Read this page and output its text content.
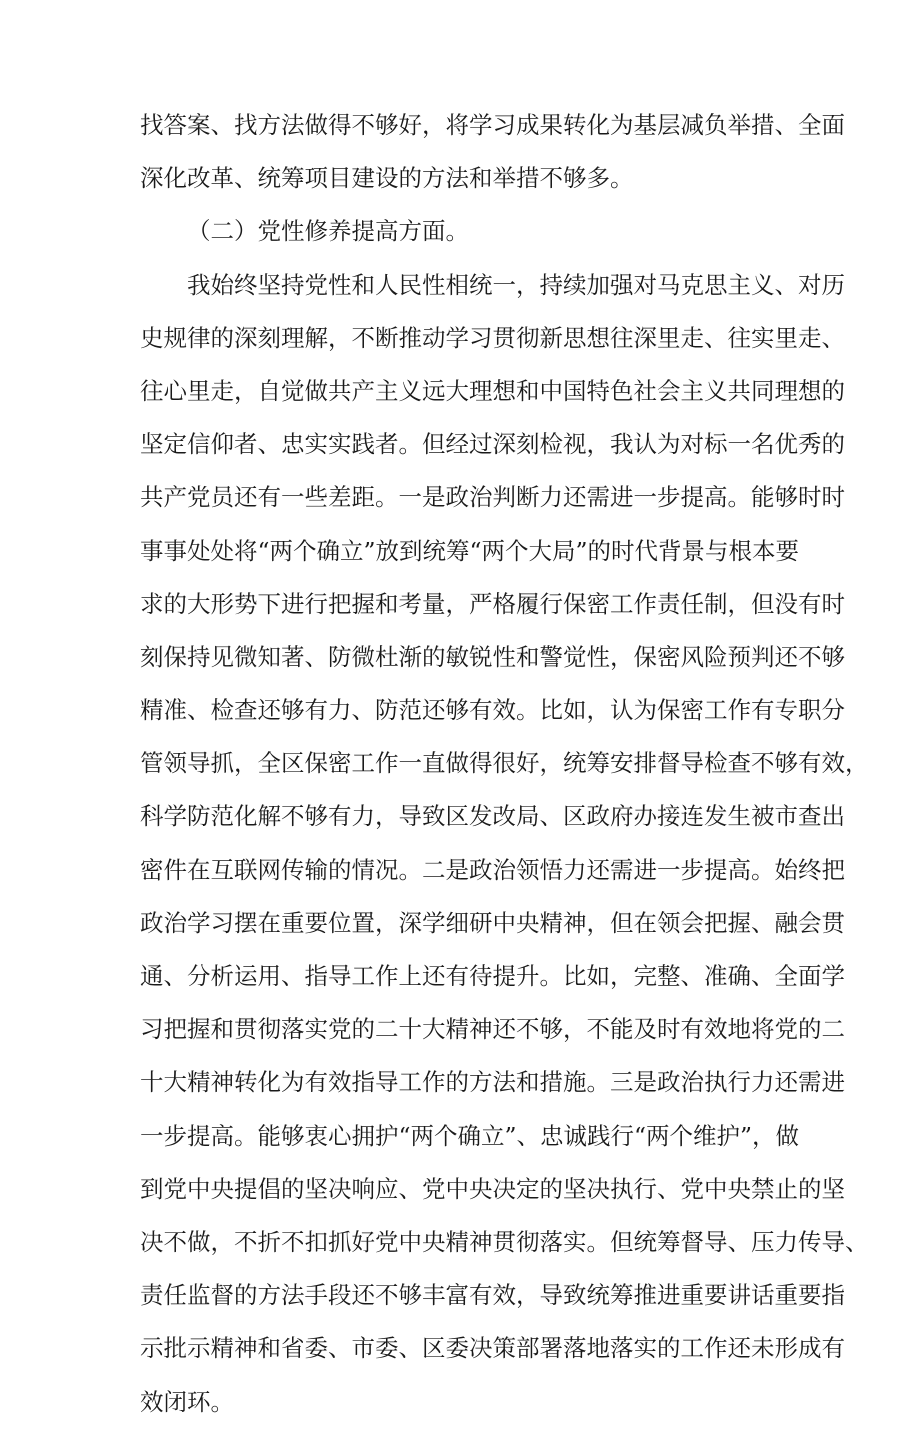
找答案、找方法做得不够好，将学习成果转化为基层减负举措、全面
深化改革、统筹项目建设的方法和举措不够多。
（二）党性修养提高方面。
我始终坚持党性和人民性相统一，持续加强对马克思主义、对历
史规律的深刻理解，不断推动学习贯彻新思想往深里走、往实里走、
往心里走，自觉做共产主义远大理想和中国特色社会主义共同理想的
坚定信仰者、忠实实践者。但经过深刻检视，我认为对标一名优秀的
共产党员还有一些差距。一是政治判断力还需进一步提高。能够时时
事事处处将“两个确立”放到统筹“两个大局”的时代背景与根本要
求的大形势下进行把握和考量，严格履行保密工作责任制，但没有时
刻保持见微知著、防微杜渐的敏锐性和警觉性，保密风险预判还不够
精准、检查还够有力、防范还够有效。比如，认为保密工作有专职分
管领导抓，全区保密工作一直做得很好，统筹安排督导检查不够有效，
科学防范化解不够有力，导致区发改局、区政府办接连发生被市查出
密件在互联网传输的情况。二是政治领悟力还需进一步提高。始终把
政治学习摆在重要位置，深学细研中央精神，但在领会把握、融会贯
通、分析运用、指导工作上还有待提升。比如，完整、准确、全面学
习把握和贯彻落实党的二十大精神还不够，不能及时有效地将党的二
十大精神转化为有效指导工作的方法和措施。三是政治执行力还需进
一步提高。能够衷心拥护“两个确立”、忠诚践行“两个维护”，做
到党中央提倡的坚决响应、党中央决定的坚决执行、党中央禁止的坚
决不做，不折不扣抓好党中央精神贯彻落实。但统筹督导、压力传导、
责任监督的方法手段还不够丰富有效，导致统筹推进重要讲话重要指
示批示精神和省委、市委、区委决策部署落地落实的工作还未形成有
效闭环。
